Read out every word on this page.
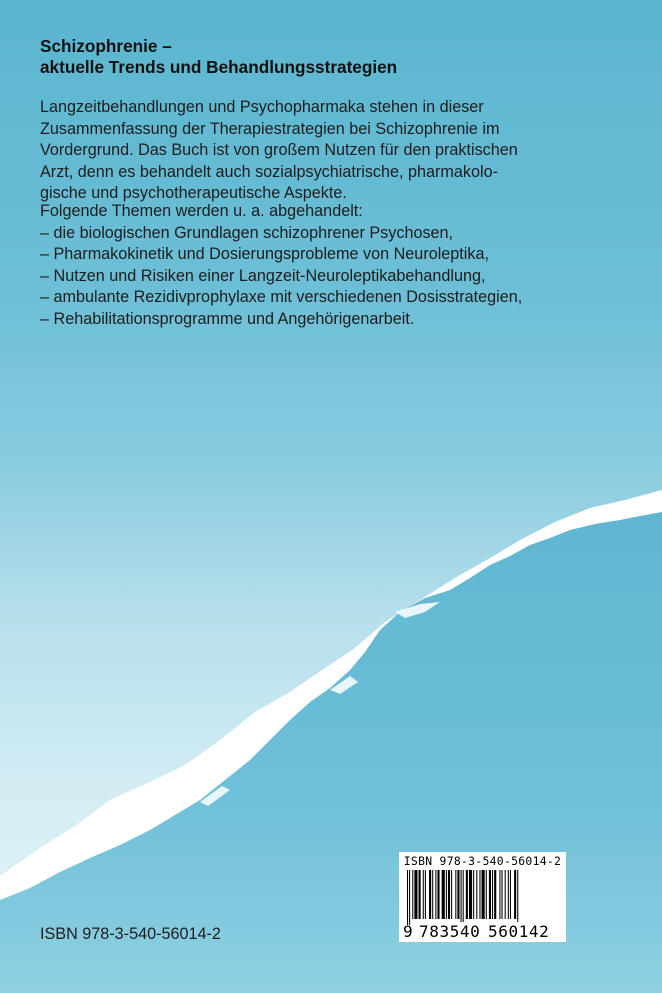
Schizophrenie –
aktuelle Trends und Behandlungsstrategien
Langzeitbehandlungen und Psychopharmaka stehen in dieser
Zusammenfassung der Therapiestrategien bei Schizophrenie im
Vordergrund. Das Buch ist von großem Nutzen für den praktischen
Arzt, denn es behandelt auch sozialpsychiatrische, pharmakolo-
gische und psychotherapeutische Aspekte.
Folgende Themen werden u. a. abgehandelt:
– die biologischen Grundlagen schizophrener Psychosen,
– Pharmakokinetik und Dosierungsprobleme von Neuroleptika,
– Nutzen und Risiken einer Langzeit-Neuroleptikabehandlung,
– ambulante Rezidivprophylaxe mit verschiedenen Dosisstrategien,
– Rehabilitationsprogramme und Angehörigenarbeit.
ISBN 978-3-540-56014-2
ISBN 978-3-540-56014-2
9 783540 560142
